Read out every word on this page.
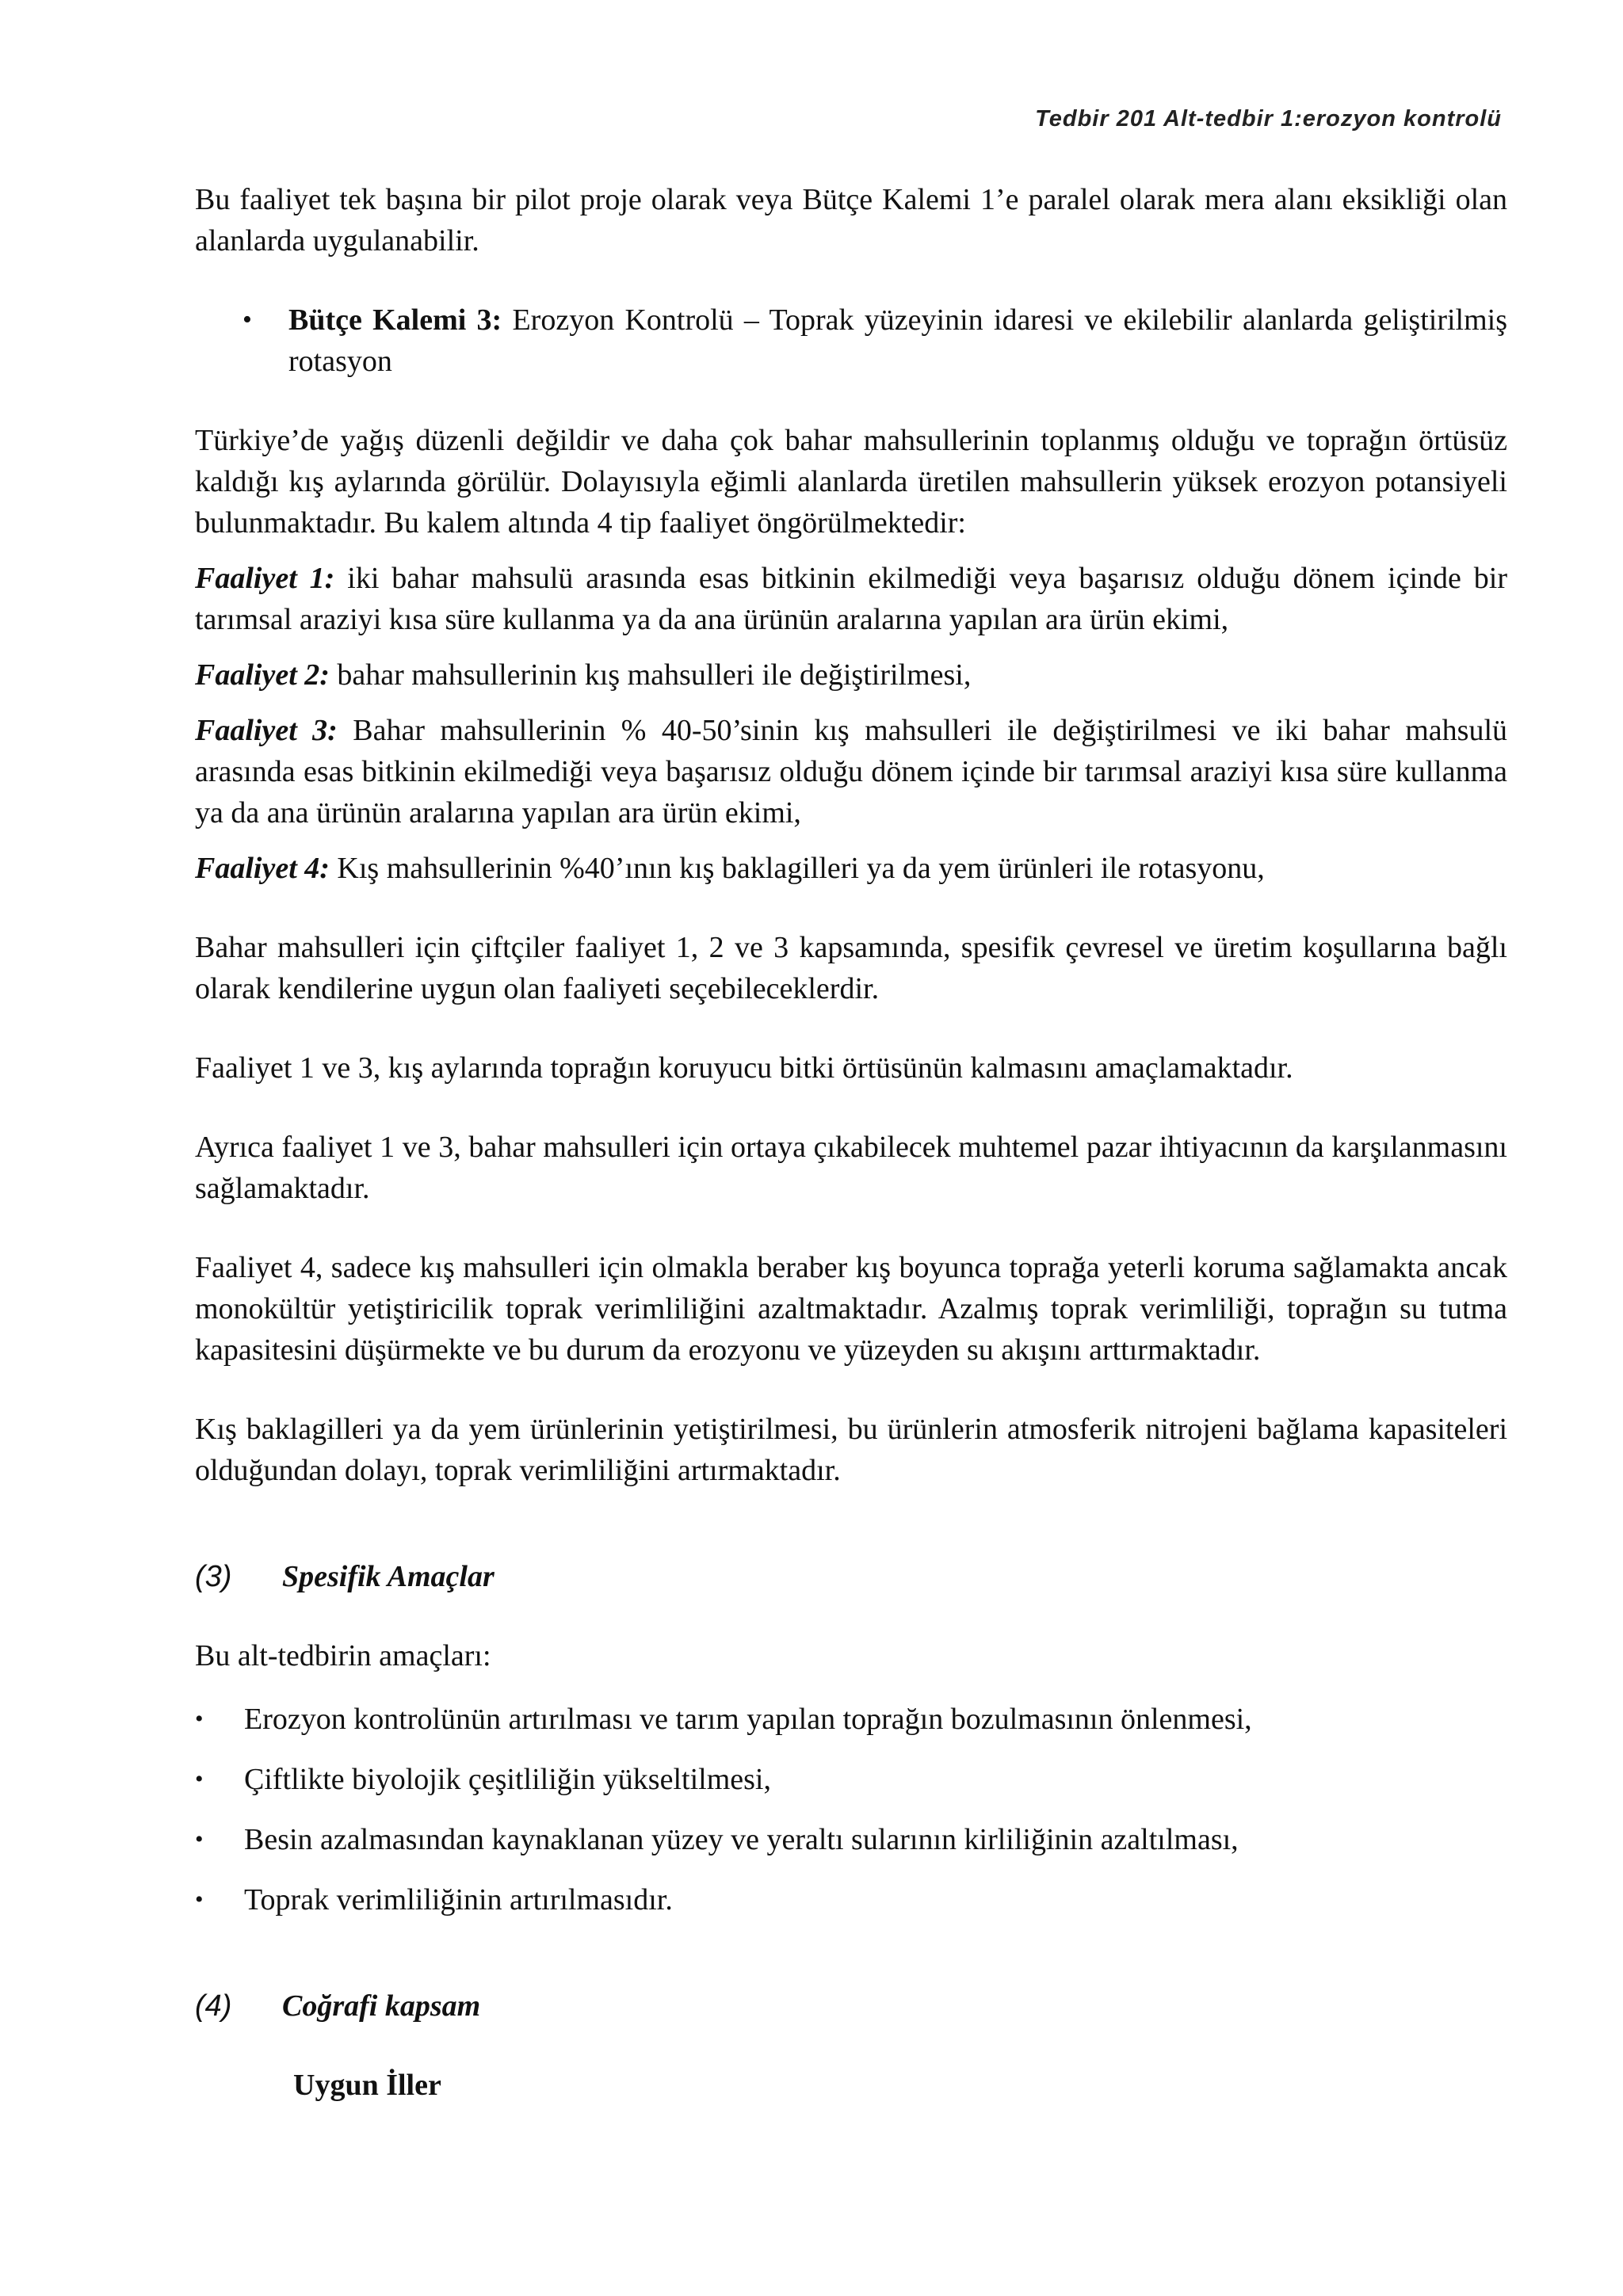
Tedbir 201 Alt-tedbir 1:erozyon kontrolü

Bu faaliyet tek başına bir pilot proje olarak veya Bütçe Kalemi 1’e paralel olarak mera alanı eksikliği olan alanlarda uygulanabilir.

•	Bütçe Kalemi 3: Erozyon Kontrolü – Toprak yüzeyinin idaresi ve ekilebilir alanlarda geliştirilmiş rotasyon

Türkiye’de yağış düzenli değildir ve daha çok bahar mahsullerinin toplanmış olduğu ve toprağın örtüsüz kaldığı kış aylarında görülür. Dolayısıyla eğimli alanlarda üretilen mahsullerin yüksek erozyon potansiyeli bulunmaktadır. Bu kalem altında 4 tip faaliyet öngörülmektedir:

Faaliyet 1: iki bahar mahsulü arasında esas bitkinin ekilmediği veya başarısız olduğu dönem içinde bir tarımsal araziyi kısa süre kullanma ya da ana ürünün aralarına yapılan ara ürün ekimi,

Faaliyet 2: bahar mahsullerinin kış mahsulleri ile değiştirilmesi,

Faaliyet 3: Bahar mahsullerinin % 40-50’sinin kış mahsulleri ile değiştirilmesi ve iki bahar mahsulü arasında esas bitkinin ekilmediği veya başarısız olduğu dönem içinde bir tarımsal araziyi kısa süre kullanma ya da ana ürünün aralarına yapılan ara ürün ekimi,

Faaliyet 4: Kış mahsullerinin %40’ının kış baklagilleri ya da yem ürünleri ile rotasyonu,

Bahar mahsulleri için çiftçiler faaliyet 1, 2 ve 3 kapsamında, spesifik çevresel ve üretim koşullarına bağlı olarak kendilerine uygun olan faaliyeti seçebileceklerdir.

Faaliyet 1 ve 3, kış aylarında toprağın koruyucu bitki örtüsünün kalmasını amaçlamaktadır.

Ayrıca faaliyet 1 ve 3, bahar mahsulleri için ortaya çıkabilecek muhtemel pazar ihtiyacının da karşılanmasını sağlamaktadır.

Faaliyet 4, sadece kış mahsulleri için olmakla beraber kış boyunca toprağa yeterli koruma sağlamakta ancak monokültür yetiştiricilik toprak verimliliğini azaltmaktadır. Azalmış toprak verimliliği, toprağın su tutma kapasitesini düşürmekte ve bu durum da erozyonu ve yüzeyden su akışını arttırmaktadır.

Kış baklagilleri ya da yem ürünlerinin yetiştirilmesi, bu ürünlerin atmosferik nitrojeni bağlama kapasiteleri olduğundan dolayı, toprak verimliliğini artırmaktadır.

(3)	Spesifik Amaçlar

Bu alt-tedbirin amaçları:

•	Erozyon kontrolünün artırılması ve tarım yapılan toprağın bozulmasının önlenmesi,
•	Çiftlikte biyolojik çeşitliliğin yükseltilmesi,
•	Besin azalmasından kaynaklanan yüzey ve yeraltı sularının kirliliğinin azaltılması,
•	Toprak verimliliğinin artırılmasıdır.
(4)	Coğrafi kapsam

Uygun İller
